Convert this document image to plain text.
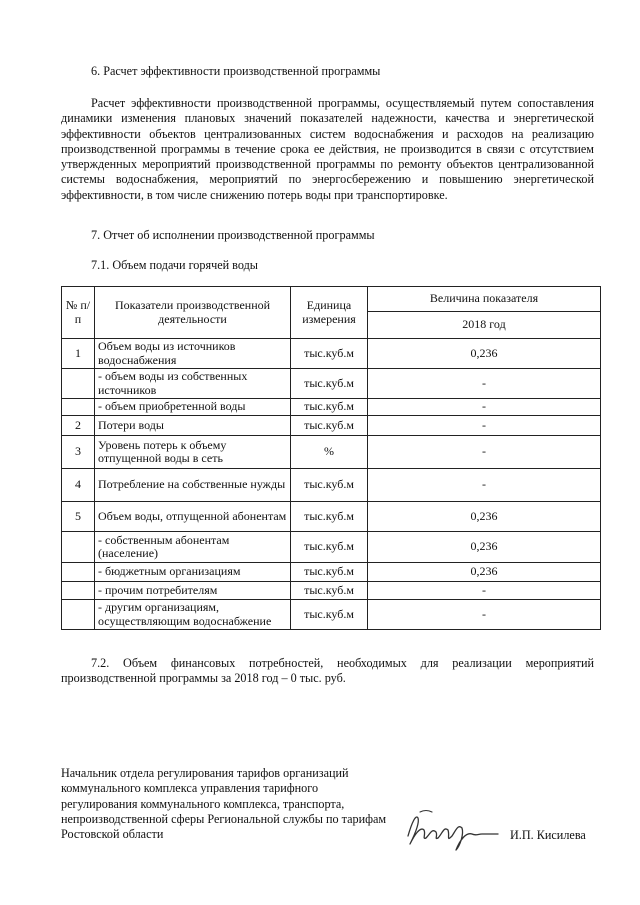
6. Расчет эффективности производственной программы
Расчет эффективности производственной программы, осуществляемый путем сопоставления динамики изменения плановых значений показателей надежности, качества и энергетической эффективности объектов централизованных систем водоснабжения и расходов на реализацию производственной программы в течение срока ее действия, не производится в связи с отсутствием утвержденных мероприятий производственной программы по ремонту объектов централизованной системы водоснабжения, мероприятий по энергосбережению и повышению энергетической эффективности, в том числе снижению потерь воды при транспортировке.
7. Отчет об исполнении производственной программы
7.1. Объем подачи горячей воды
№ п/п	Показатели производственной деятельности	Единица измерения	Величина показателя
			2018 год
1	Объем воды из источников водоснабжения	тыс.куб.м	0,236
	- объем воды из собственных источников	тыс.куб.м	-
	- объем приобретенной воды	тыс.куб.м	-
2	Потери воды	тыс.куб.м	-
3	Уровень потерь к объему отпущенной воды в сеть	%	-
4	Потребление на собственные нужды	тыс.куб.м	-
5	Объем воды, отпущенной абонентам	тыс.куб.м	0,236
	- собственным абонентам (население)	тыс.куб.м	0,236
	- бюджетным организациям	тыс.куб.м	0,236
	- прочим потребителям	тыс.куб.м	-
	- другим организациям, осуществляющим водоснабжение	тыс.куб.м	-
7.2. Объем финансовых потребностей, необходимых для реализации мероприятий производственной программы за 2018 год – 0 тыс. руб.
Начальник отдела регулирования тарифов организаций коммунального комплекса управления тарифного регулирования коммунального комплекса, транспорта, непроизводственной сферы Региональной службы по тарифам Ростовской области	И.П. Кисилева
